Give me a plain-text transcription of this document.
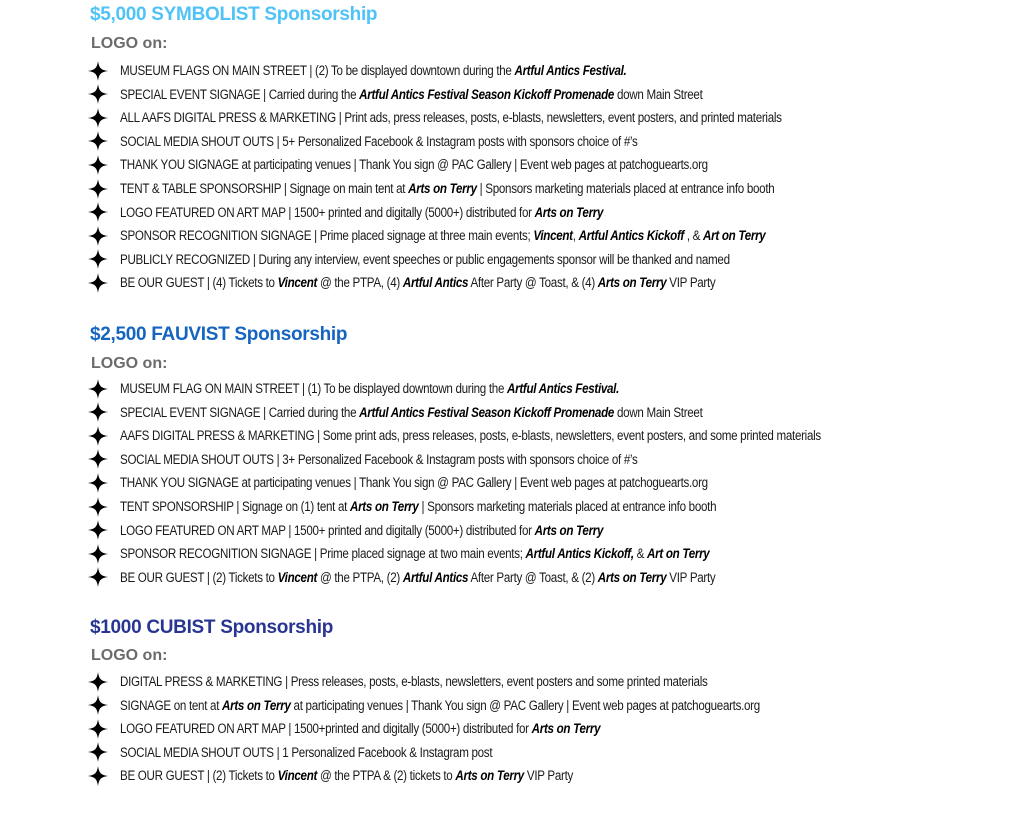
$5,000 SYMBOLIST Sponsorship
LOGO on:
MUSEUM FLAGS ON MAIN STREET | (2) To be displayed downtown during the Artful Antics Festival.
SPECIAL EVENT SIGNAGE | Carried during the Artful Antics Festival Season Kickoff Promenade down Main Street
ALL AAFS DIGITAL PRESS & MARKETING | Print ads, press releases, posts, e-blasts, newsletters, event posters, and printed materials
SOCIAL MEDIA SHOUT OUTS | 5+ Personalized Facebook & Instagram posts with sponsors choice of #’s
THANK YOU SIGNAGE at participating venues | Thank You sign @ PAC Gallery | Event web pages at patchoguearts.org
TENT & TABLE SPONSORSHIP | Signage on main tent at Arts on Terry | Sponsors marketing materials placed at entrance info booth
LOGO FEATURED ON ART MAP | 1500+ printed and digitally (5000+) distributed for Arts on Terry
SPONSOR RECOGNITION SIGNAGE | Prime placed signage at three main events; Vincent, Artful Antics Kickoff , & Art on Terry
PUBLICLY RECOGNIZED | During any interview, event speeches or public engagements sponsor will be thanked and named
BE OUR GUEST | (4) Tickets to Vincent @ the PTPA, (4) Artful Antics After Party @ Toast, & (4) Arts on Terry VIP Party
$2,500 FAUVIST Sponsorship
LOGO on:
MUSEUM FLAG ON MAIN STREET | (1) To be displayed downtown during the Artful Antics Festival.
SPECIAL EVENT SIGNAGE | Carried during the Artful Antics Festival Season Kickoff Promenade down Main Street
AAFS DIGITAL PRESS & MARKETING | Some print ads, press releases, posts, e-blasts, newsletters, event posters, and some printed materials
SOCIAL MEDIA SHOUT OUTS | 3+ Personalized Facebook & Instagram posts with sponsors choice of #’s
THANK YOU SIGNAGE at participating venues | Thank You sign @ PAC Gallery | Event web pages at patchoguearts.org
TENT SPONSORSHIP | Signage on (1) tent at Arts on Terry | Sponsors marketing materials placed at entrance info booth
LOGO FEATURED ON ART MAP | 1500+ printed and digitally (5000+) distributed for Arts on Terry
SPONSOR RECOGNITION SIGNAGE | Prime placed signage at two main events; Artful Antics Kickoff, & Art on Terry
BE OUR GUEST | (2) Tickets to Vincent @ the PTPA, (2) Artful Antics After Party @ Toast, & (2) Arts on Terry VIP Party
$1000 CUBIST Sponsorship
LOGO on:
DIGITAL PRESS & MARKETING | Press releases, posts, e-blasts, newsletters, event posters and some printed materials
SIGNAGE on tent at Arts on Terry at participating venues | Thank You sign @ PAC Gallery | Event web pages at patchoguearts.org
LOGO FEATURED ON ART MAP | 1500+printed and digitally (5000+) distributed for Arts on Terry
SOCIAL MEDIA SHOUT OUTS | 1 Personalized Facebook & Instagram post
BE OUR GUEST | (2) Tickets to Vincent @ the PTPA & (2) tickets to Arts on Terry VIP Party
